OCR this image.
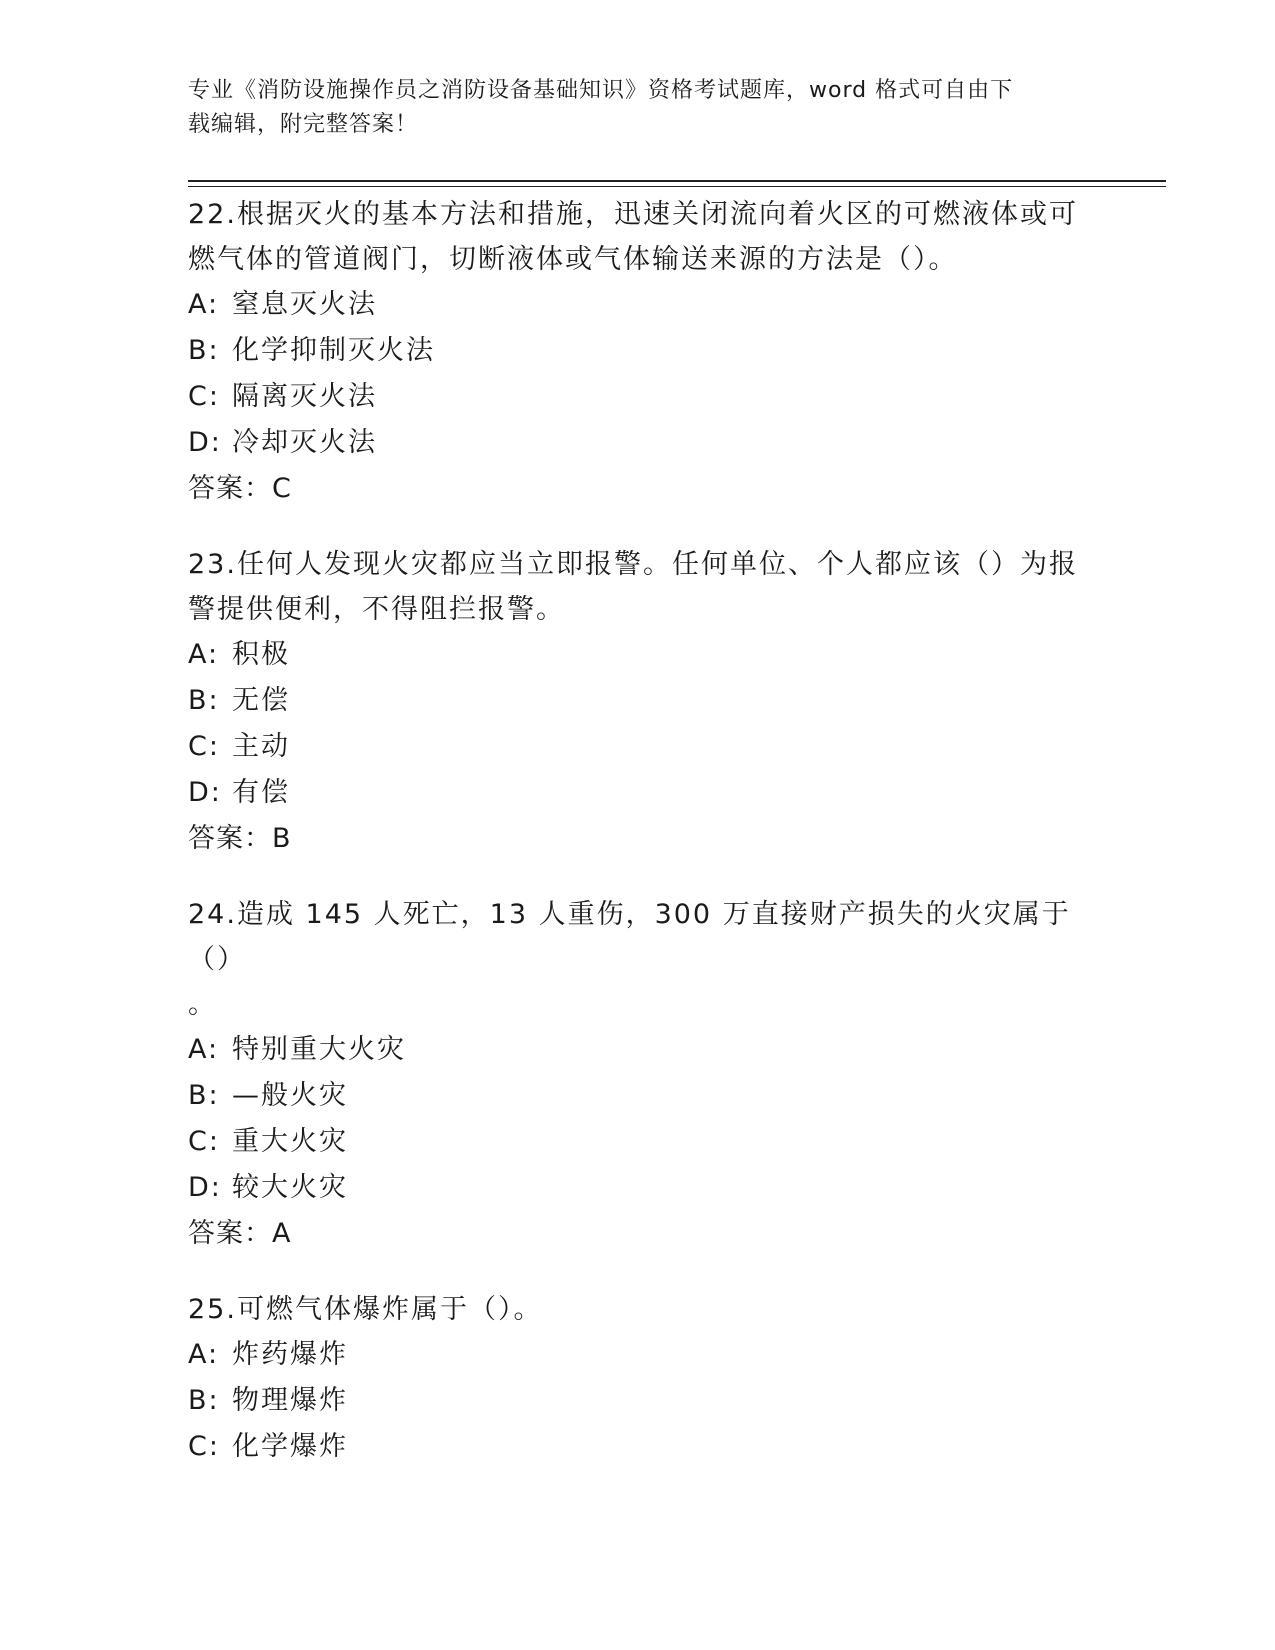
专业《消防设施操作员之消防设备基础知识》资格考试题库，word 格式可自由下
载编辑，附完整答案！

22.根据灭火的基本方法和措施，迅速关闭流向着火区的可燃液体或可

燃气体的管道阀门，切断液体或气体输送来源的方法是（）。

A: 窒息灭火法

B: 化学抑制灭火法

C: 隔离灭火法

D: 冷却灭火法

答案：C

23.任何人发现火灾都应当立即报警。任何单位、个人都应该（）为报

警提供便利，不得阻拦报警。

A: 积极

B: 无偿

C: 主动

D: 有偿

答案：B

24.造成 145 人死亡，13 人重伤，300 万直接财产损失的火灾属于（）

。

A: 特别重大火灾

B: —般火灾

C: 重大火灾

D: 较大火灾

答案：A

25.可燃气体爆炸属于（）。

A: 炸药爆炸

B: 物理爆炸

C: 化学爆炸
